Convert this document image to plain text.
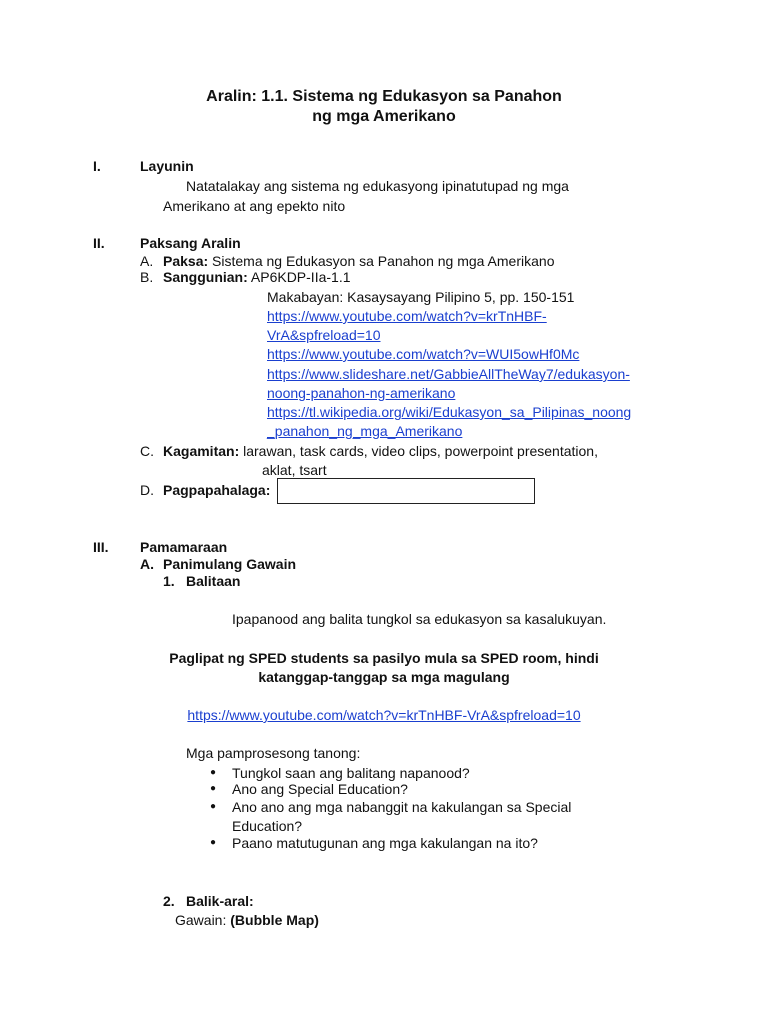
Aralin: 1.1. Sistema ng Edukasyon sa Panahon
ng mga Amerikano
I.	Layunin
Natatalakay ang sistema ng edukasyong ipinatutupad ng mga
Amerikano at ang epekto nito
II.	Paksang Aralin
A. Paksa: Sistema ng Edukasyon sa Panahon ng mga Amerikano
B. Sanggunian: AP6KDP-IIa-1.1
Makabayan: Kasaysayang Pilipino 5, pp. 150-151
https://www.youtube.com/watch?v=krTnHBF-
VrA&spfreload=10
https://www.youtube.com/watch?v=WUI5owHf0Mc
https://www.slideshare.net/GabbieAllTheWay7/edukasyon-
noong-panahon-ng-amerikano
https://tl.wikipedia.org/wiki/Edukasyon_sa_Pilipinas_noong
_panahon_ng_mga_Amerikano
C. Kagamitan: larawan, task cards, video clips, powerpoint presentation,
aklat, tsart
D. Pagpapahalaga:
III. Pamamaraan
A. Panimulang Gawain
1. Balitaan
Ipapanood ang balita tungkol sa edukasyon sa kasalukuyan.
Paglipat ng SPED students sa pasilyo mula sa SPED room, hindi
katanggap-tanggap sa mga magulang
https://www.youtube.com/watch?v=krTnHBF-VrA&spfreload=10
Mga pamprosesong tanong:
● Tungkol saan ang balitang napanood?
● Ano ang Special Education?
● Ano ano ang mga nabanggit na kakulangan sa Special
Education?
● Paano matutugunan ang mga kakulangan na ito?
2. Balik-aral:
Gawain: (Bubble Map)
